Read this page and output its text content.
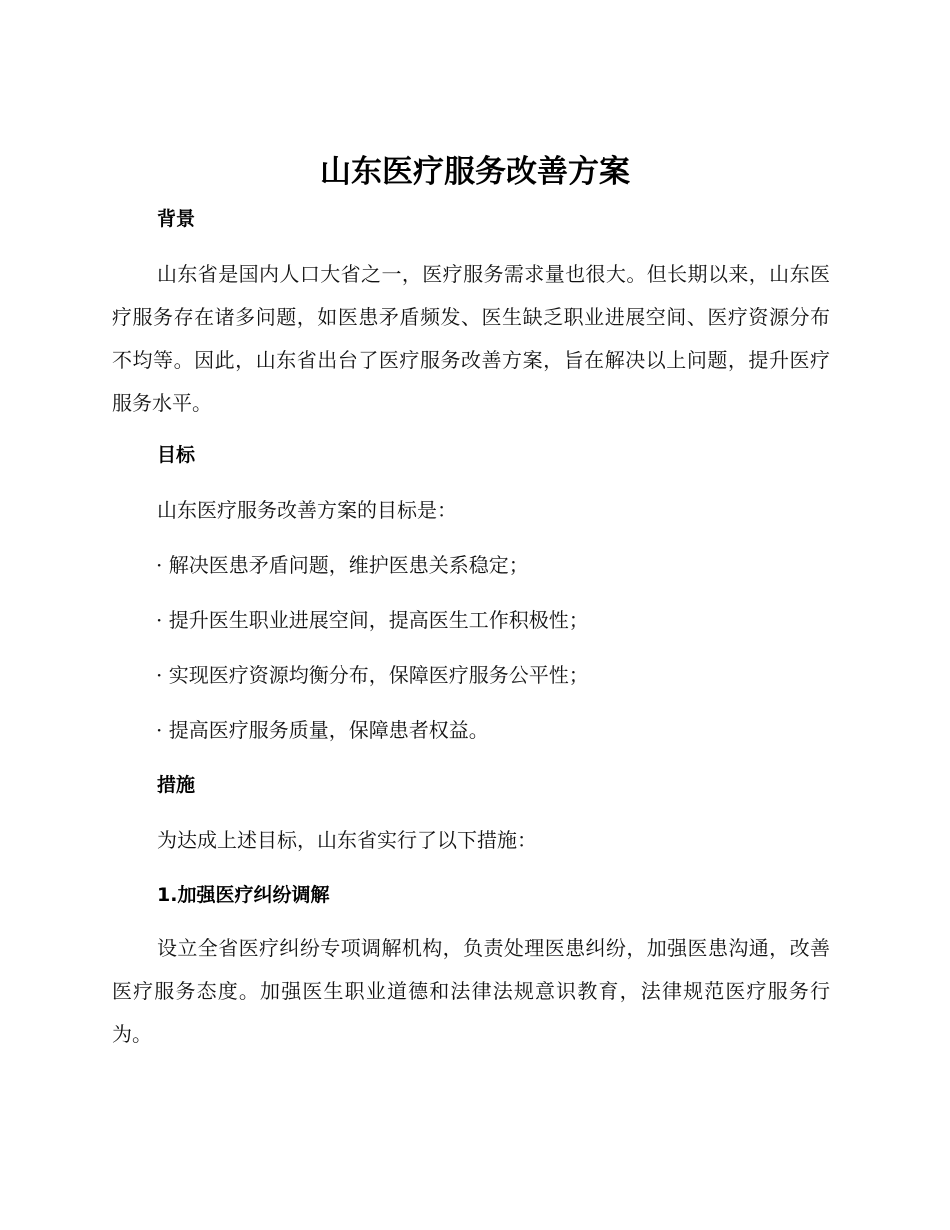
山东医疗服务改善方案
背景

山东省是国内人口大省之一，医疗服务需求量也很大。但长期以来，山东医疗服务存在诸多问题，如医患矛盾频发、医生缺乏职业进展空间、医疗资源分布不均等。因此，山东省出台了医疗服务改善方案，旨在解决以上问题，提升医疗服务水平。

目标

山东医疗服务改善方案的目标是：

· 解决医患矛盾问题，维护医患关系稳定；

· 提升医生职业进展空间，提高医生工作积极性；

· 实现医疗资源均衡分布，保障医疗服务公平性；

· 提高医疗服务质量，保障患者权益。

措施

为达成上述目标，山东省实行了以下措施：

1.加强医疗纠纷调解

设立全省医疗纠纷专项调解机构，负责处理医患纠纷，加强医患沟通，改善医疗服务态度。加强医生职业道德和法律法规意识教育，法律规范医疗服务行为。
